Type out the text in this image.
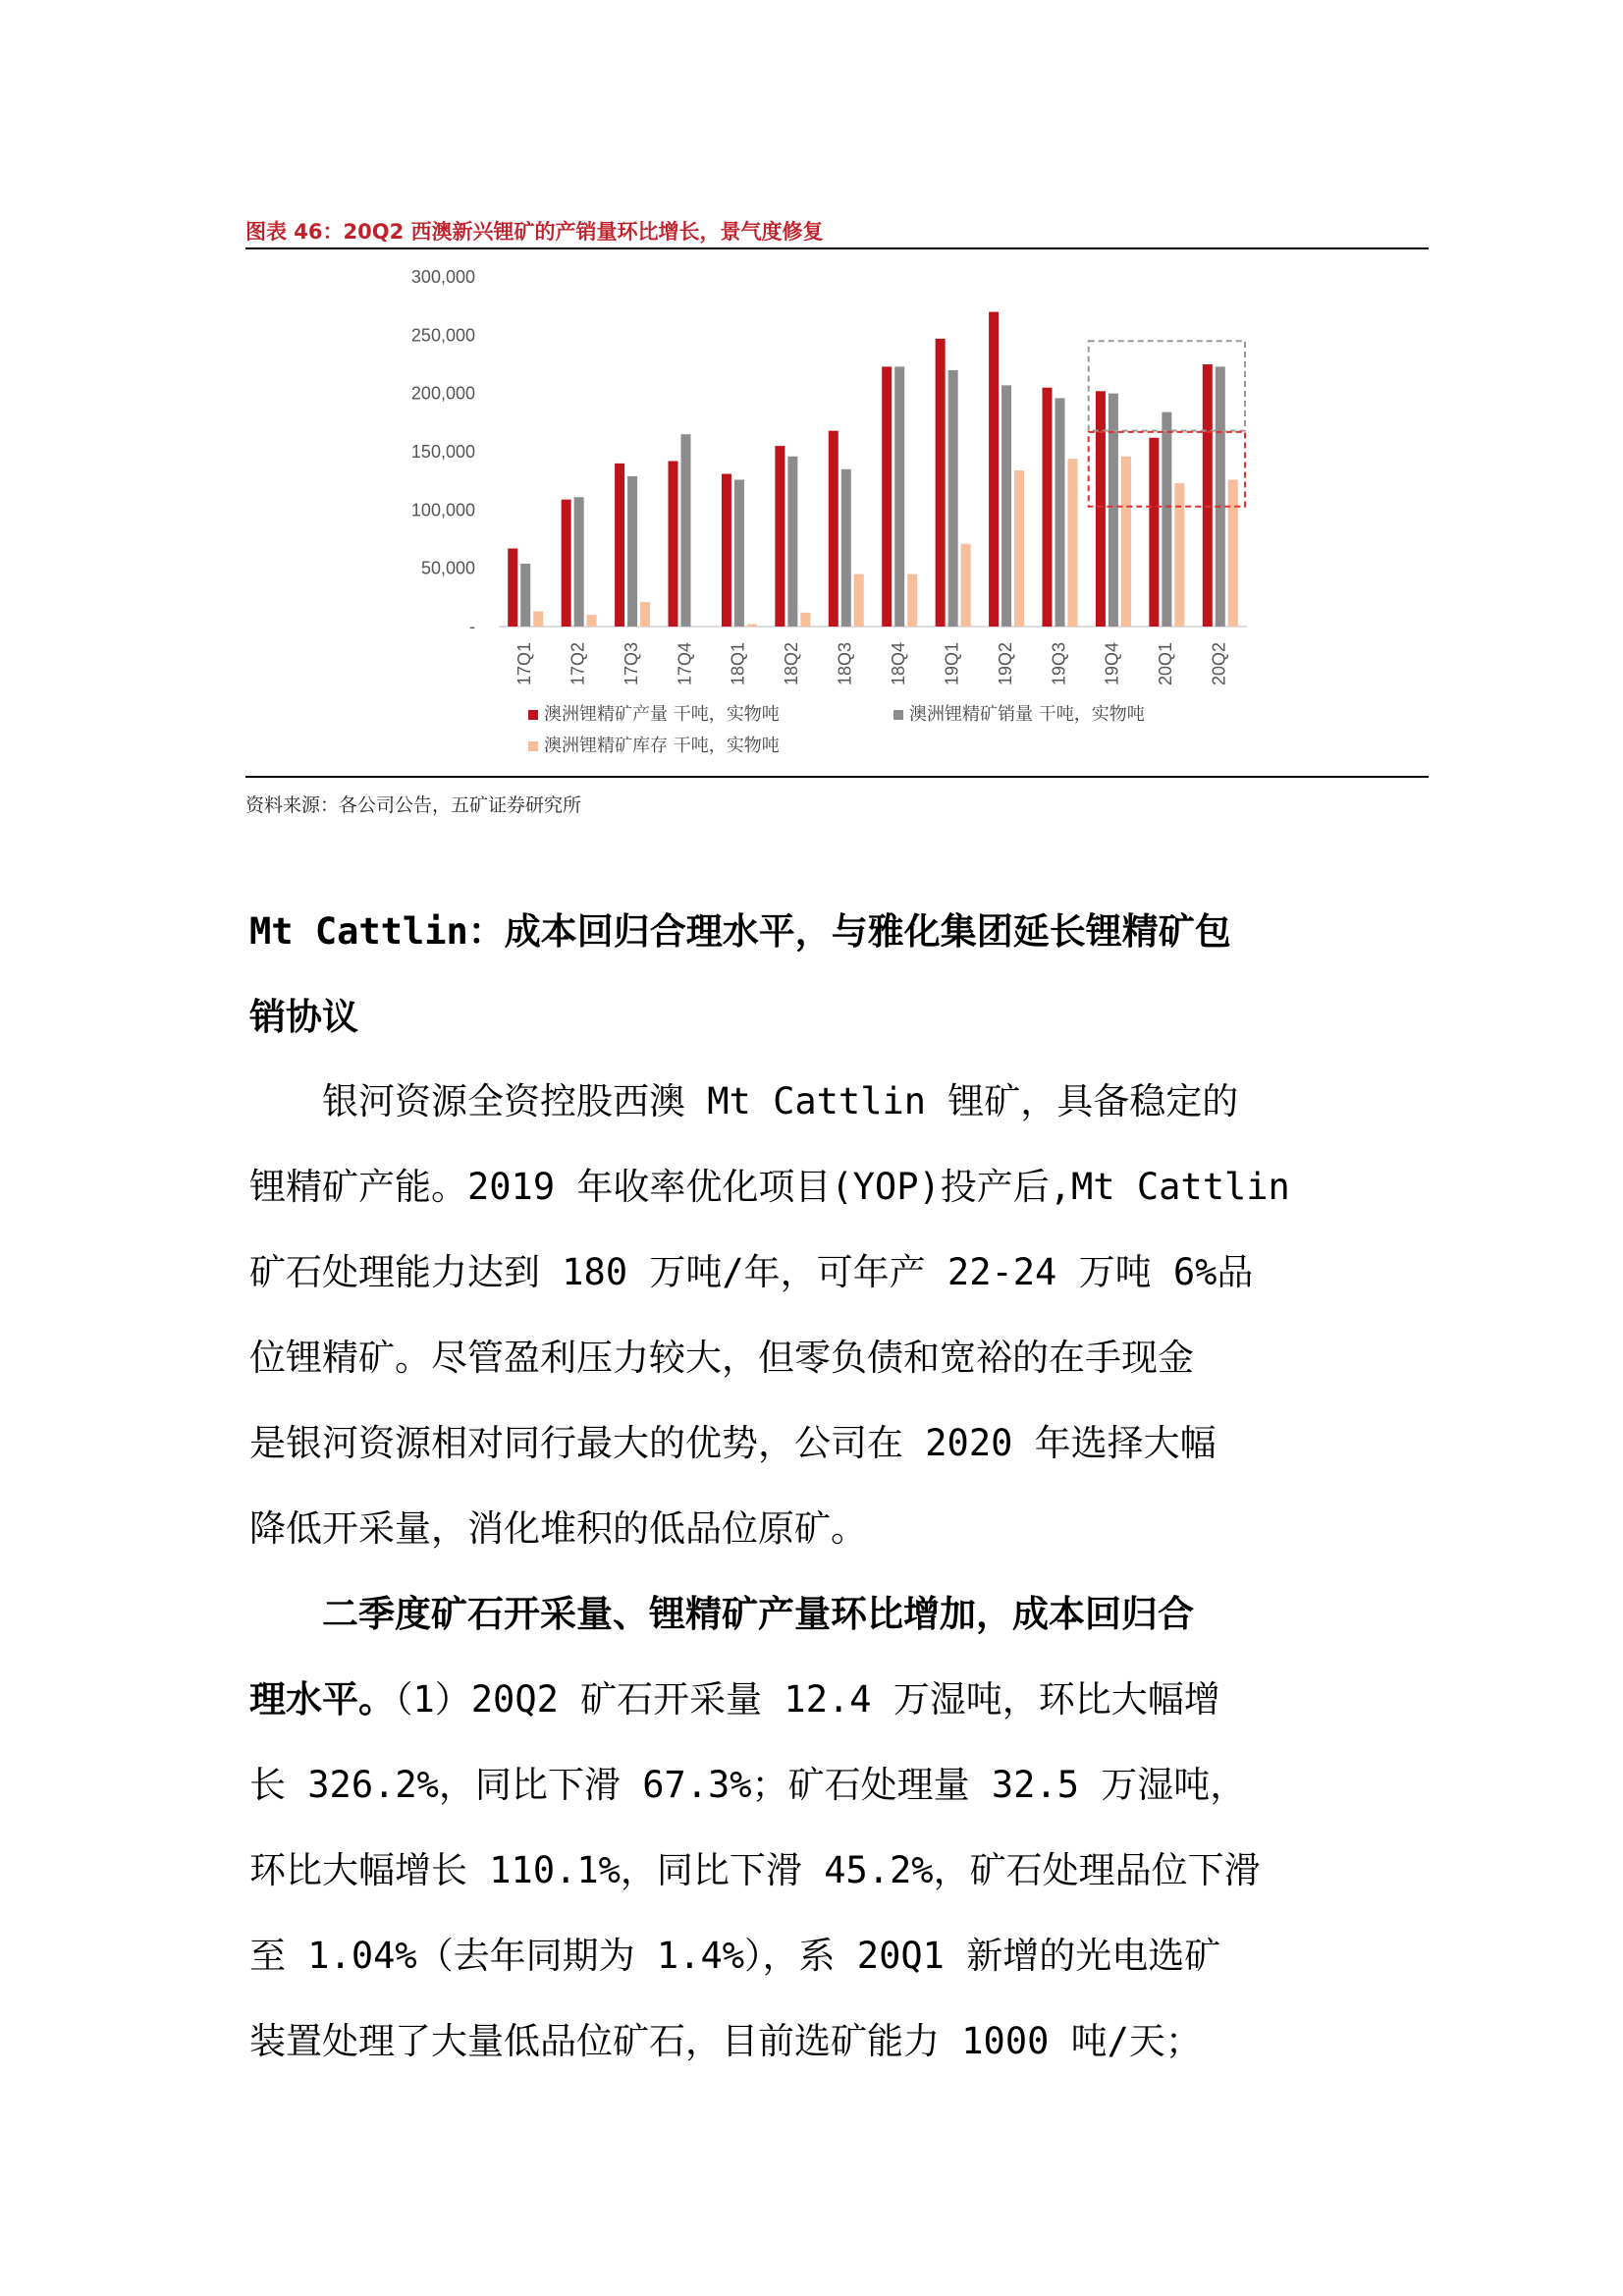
图表 46：20Q2 西澳新兴锂矿的产销量环比增长，景气度修复
-
50,000
100,000
150,000
200,000
250,000
300,000
17Q1 17Q2 17Q3 17Q4 18Q1 18Q2 18Q3 18Q4 19Q1 19Q2 19Q3 19Q4 20Q1 20Q2
澳洲锂精矿产量 干吨，实物吨	澳洲锂精矿销量 干吨，实物吨
澳洲锂精矿库存 干吨，实物吨
资料来源：各公司公告，五矿证券研究所
Mt Cattlin：成本回归合理水平，与雅化集团延长锂精矿包
销协议
银河资源全资控股西澳 Mt Cattlin 锂矿，具备稳定的
锂精矿产能。2019 年收率优化项目(YOP)投产后,Mt Cattlin
矿石处理能力达到 180 万吨/年，可年产 22-24 万吨 6%品
位锂精矿。尽管盈利压力较大，但零负债和宽裕的在手现金
是银河资源相对同行最大的优势，公司在 2020 年选择大幅
降低开采量，消化堆积的低品位原矿。
二季度矿石开采量、锂精矿产量环比增加，成本回归合
理水平。（1）20Q2 矿石开采量 12.4 万湿吨，环比大幅增
长 326.2%，同比下滑 67.3%；矿石处理量 32.5 万湿吨，
环比大幅增长 110.1%，同比下滑 45.2%，矿石处理品位下滑
至 1.04%（去年同期为 1.4%），系 20Q1 新增的光电选矿
装置处理了大量低品位矿石，目前选矿能力 1000 吨/天；
